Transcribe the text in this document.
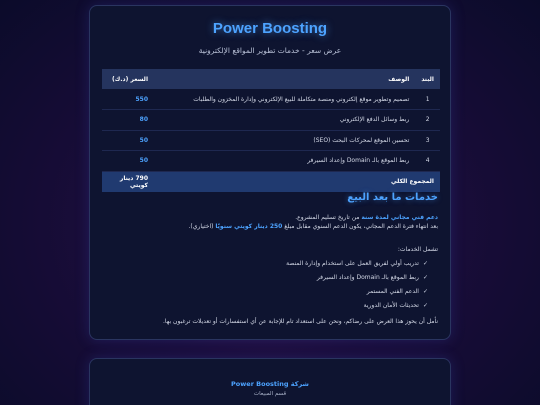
Power Boosting
عرض سعر - خدمات تطوير المواقع الإلكترونية
البند	الوصف	السعر (د.ك)
1	تصميم وتطوير موقع إلكتروني ومنصة متكاملة للبيع الإلكتروني وإدارة المخزون والطلبات	550
2	ربط وسائل الدفع الإلكتروني	80
3	تحسين الموقع لمحركات البحث (SEO)	50
4	ربط الموقع بالـ Domain وإعداد السيرفر	50
المجموع الكلي		790 دينار كويتي
خدمات ما بعد البيع
دعم فني مجاني لمدة سنة من تاريخ تسليم المشروع.
بعد انتهاء فترة الدعم المجاني، يكون الدعم السنوي مقابل مبلغ 250 دينار كويتي سنويًا (اختياري).
تشمل الخدمات:
✓تدريب أولي لفريق العمل على استخدام وإدارة المنصة
✓ربط الموقع بالـ Domain وإعداد السيرفر
✓الدعم الفني المستمر
✓تحديثات الأمان الدورية
نأمل أن يحوز هذا العرض على رضاكم، ونحن على استعداد تام للإجابة عن أي استفسارات أو تعديلات ترغبون بها.
شركة Power Boosting
قسم المبيعات
